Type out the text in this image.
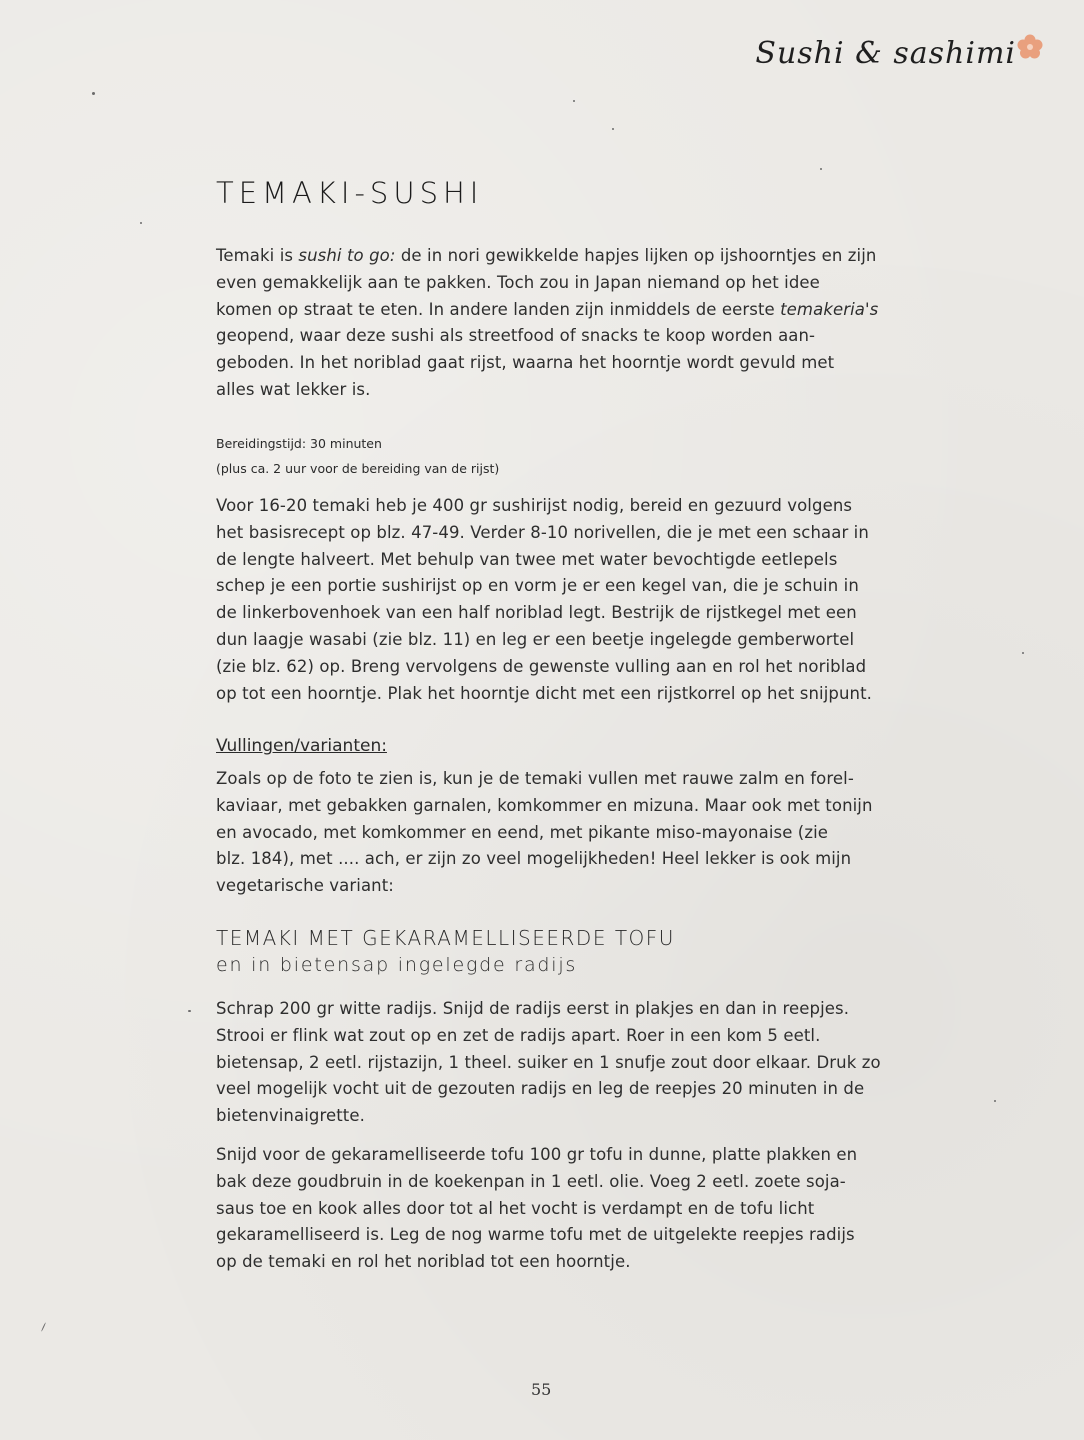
Sushi & sashimi
TEMAKI-SUSHI

Temaki is sushi to go: de in nori gewikkelde hapjes lijken op ijshoorntjes en zijn
even gemakkelijk aan te pakken. Toch zou in Japan niemand op het idee
komen op straat te eten. In andere landen zijn inmiddels de eerste temakeria's
geopend, waar deze sushi als streetfood of snacks te koop worden aan-
geboden. In het noriblad gaat rijst, waarna het hoorntje wordt gevuld met
alles wat lekker is.

Bereidingstijd: 30 minuten
(plus ca. 2 uur voor de bereiding van de rijst)

Voor 16-20 temaki heb je 400 gr sushirijst nodig, bereid en gezuurd volgens
het basisrecept op blz. 47-49. Verder 8-10 norivellen, die je met een schaar in
de lengte halveert. Met behulp van twee met water bevochtigde eetlepels
schep je een portie sushirijst op en vorm je er een kegel van, die je schuin in
de linkerbovenhoek van een half noriblad legt. Bestrijk de rijstkegel met een
dun laagje wasabi (zie blz. 11) en leg er een beetje ingelegde gemberwortel
(zie blz. 62) op. Breng vervolgens de gewenste vulling aan en rol het noriblad
op tot een hoorntje. Plak het hoorntje dicht met een rijstkorrel op het snijpunt.

Vullingen/varianten:

Zoals op de foto te zien is, kun je de temaki vullen met rauwe zalm en forel-
kaviaar, met gebakken garnalen, komkommer en mizuna. Maar ook met tonijn
en avocado, met komkommer en eend, met pikante miso-mayonaise (zie
blz. 184), met .... ach, er zijn zo veel mogelijkheden! Heel lekker is ook mijn
vegetarische variant:

TEMAKI MET GEKARAMELLISEERDE TOFU
en in bietensap ingelegde radijs

Schrap 200 gr witte radijs. Snijd de radijs eerst in plakjes en dan in reepjes.
Strooi er flink wat zout op en zet de radijs apart. Roer in een kom 5 eetl.
bietensap, 2 eetl. rijstazijn, 1 theel. suiker en 1 snufje zout door elkaar. Druk zo
veel mogelijk vocht uit de gezouten radijs en leg de reepjes 20 minuten in de
bietenvinaigrette.

Snijd voor de gekaramelliseerde tofu 100 gr tofu in dunne, platte plakken en
bak deze goudbruin in de koekenpan in 1 eetl. olie. Voeg 2 eetl. zoete soja-
saus toe en kook alles door tot al het vocht is verdampt en de tofu licht
gekaramelliseerd is. Leg de nog warme tofu met de uitgelekte reepjes radijs
op de temaki en rol het noriblad tot een hoorntje.

55
